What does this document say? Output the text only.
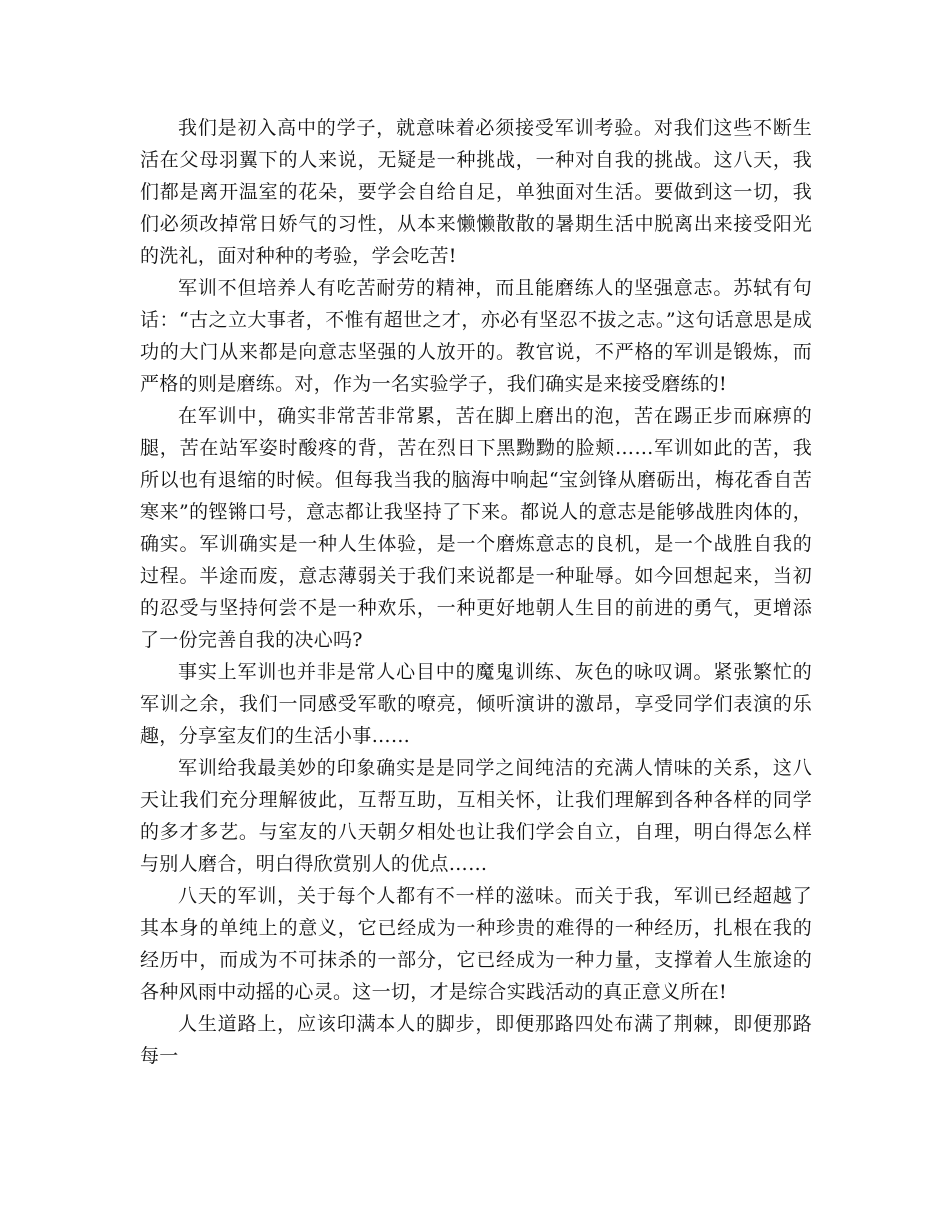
我们是初入高中的学子，就意味着必须接受军训考验。对我们这些不断生活在父母羽翼下的人来说，无疑是一种挑战，一种对自我的挑战。这八天，我们都是离开温室的花朵，要学会自给自足，单独面对生活。要做到这一切，我们必须改掉常日娇气的习性，从本来懒懒散散的暑期生活中脱离出来接受阳光的洗礼，面对种种的考验，学会吃苦!

军训不但培养人有吃苦耐劳的精神，而且能磨练人的坚强意志。苏轼有句话：“古之立大事者，不惟有超世之才，亦必有坚忍不拔之志。”这句话意思是成功的大门从来都是向意志坚强的人放开的。教官说，不严格的军训是锻炼，而严格的则是磨练。对，作为一名实验学子，我们确实是来接受磨练的!

在军训中，确实非常苦非常累，苦在脚上磨出的泡，苦在踢正步而麻痹的腿，苦在站军姿时酸疼的背，苦在烈日下黑黝黝的脸颊……军训如此的苦，我所以也有退缩的时候。但每我当我的脑海中响起“宝剑锋从磨砺出，梅花香自苦寒来”的铿锵口号，意志都让我坚持了下来。都说人的意志是能够战胜肉体的，确实。军训确实是一种人生体验，是一个磨炼意志的良机，是一个战胜自我的过程。半途而废，意志薄弱关于我们来说都是一种耻辱。如今回想起来，当初的忍受与坚持何尝不是一种欢乐，一种更好地朝人生目的前进的勇气，更增添了一份完善自我的决心吗?

事实上军训也并非是常人心目中的魔鬼训练、灰色的咏叹调。紧张繁忙的军训之余，我们一同感受军歌的嘹亮，倾听演讲的激昂，享受同学们表演的乐趣，分享室友们的生活小事……

军训给我最美妙的印象确实是是同学之间纯洁的充满人情味的关系，这八天让我们充分理解彼此，互帮互助，互相关怀，让我们理解到各种各样的同学的多才多艺。与室友的八天朝夕相处也让我们学会自立，自理，明白得怎么样与别人磨合，明白得欣赏别人的优点……

八天的军训，关于每个人都有不一样的滋味。而关于我，军训已经超越了其本身的单纯上的意义，它已经成为一种珍贵的难得的一种经历，扎根在我的经历中，而成为不可抹杀的一部分，它已经成为一种力量，支撑着人生旅途的各种风雨中动摇的心灵。这一切，才是综合实践活动的真正意义所在!

人生道路上，应该印满本人的脚步，即便那路四处布满了荆棘，即便那路每一
